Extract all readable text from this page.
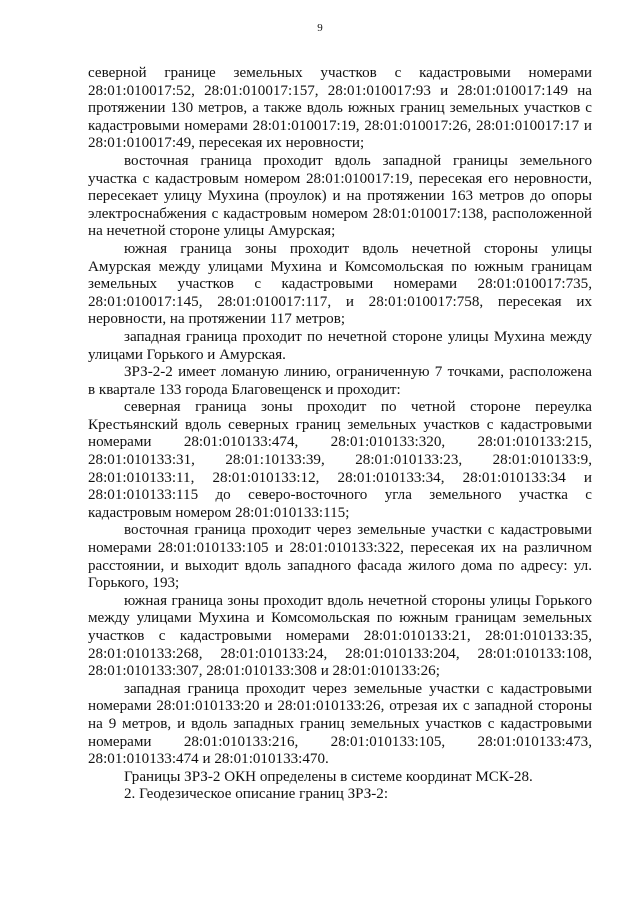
9

северной границе земельных участков с кадастровыми номерами 28:01:010017:52, 28:01:010017:157, 28:01:010017:93 и 28:01:010017:149 на протяжении 130 метров, а также вдоль южных границ земельных участков с кадастровыми номерами 28:01:010017:19, 28:01:010017:26, 28:01:010017:17 и 28:01:010017:49, пересекая их неровности;

восточная граница проходит вдоль западной границы земельного участка с кадастровым номером 28:01:010017:19, пересекая его неровности, пересекает улицу Мухина (проулок) и на протяжении 163 метров до опоры электроснабжения с кадастровым номером 28:01:010017:138, расположенной на нечетной стороне улицы Амурская;

южная граница зоны проходит вдоль нечетной стороны улицы Амурская между улицами Мухина и Комсомольская по южным границам земельных участков с кадастровыми номерами 28:01:010017:735, 28:01:010017:145, 28:01:010017:117, и 28:01:010017:758, пересекая их неровности, на протяжении 117 метров;

западная граница проходит по нечетной стороне улицы Мухина между улицами Горького и Амурская.

ЗРЗ-2-2 имеет ломаную линию, ограниченную 7 точками, расположена в квартале 133 города Благовещенск и проходит:

северная граница зоны проходит по четной стороне переулка Крестьянский вдоль северных границ земельных участков с кадастровыми номерами 28:01:010133:474, 28:01:010133:320, 28:01:010133:215, 28:01:010133:31, 28:01:10133:39, 28:01:010133:23, 28:01:010133:9, 28:01:010133:11, 28:01:010133:12, 28:01:010133:34, 28:01:010133:34 и 28:01:010133:115 до северо-восточного угла земельного участка с кадастровым номером 28:01:010133:115;

восточная граница проходит через земельные участки с кадастровыми номерами 28:01:010133:105 и 28:01:010133:322, пересекая их на различном расстоянии, и выходит вдоль западного фасада жилого дома по адресу: ул. Горького, 193;

южная граница зоны проходит вдоль нечетной стороны улицы Горького между улицами Мухина и Комсомольская по южным границам земельных участков с кадастровыми номерами 28:01:010133:21, 28:01:010133:35, 28:01:010133:268, 28:01:010133:24, 28:01:010133:204, 28:01:010133:108, 28:01:010133:307, 28:01:010133:308 и 28:01:010133:26;

западная граница проходит через земельные участки с кадастровыми номерами 28:01:010133:20 и 28:01:010133:26, отрезая их с западной стороны на 9 метров, и вдоль западных границ земельных участков с кадастровыми номерами 28:01:010133:216, 28:01:010133:105, 28:01:010133:473, 28:01:010133:474 и 28:01:010133:470.

Границы ЗРЗ-2 ОКН определены в системе координат МСК-28.

2. Геодезическое описание границ ЗРЗ-2:
